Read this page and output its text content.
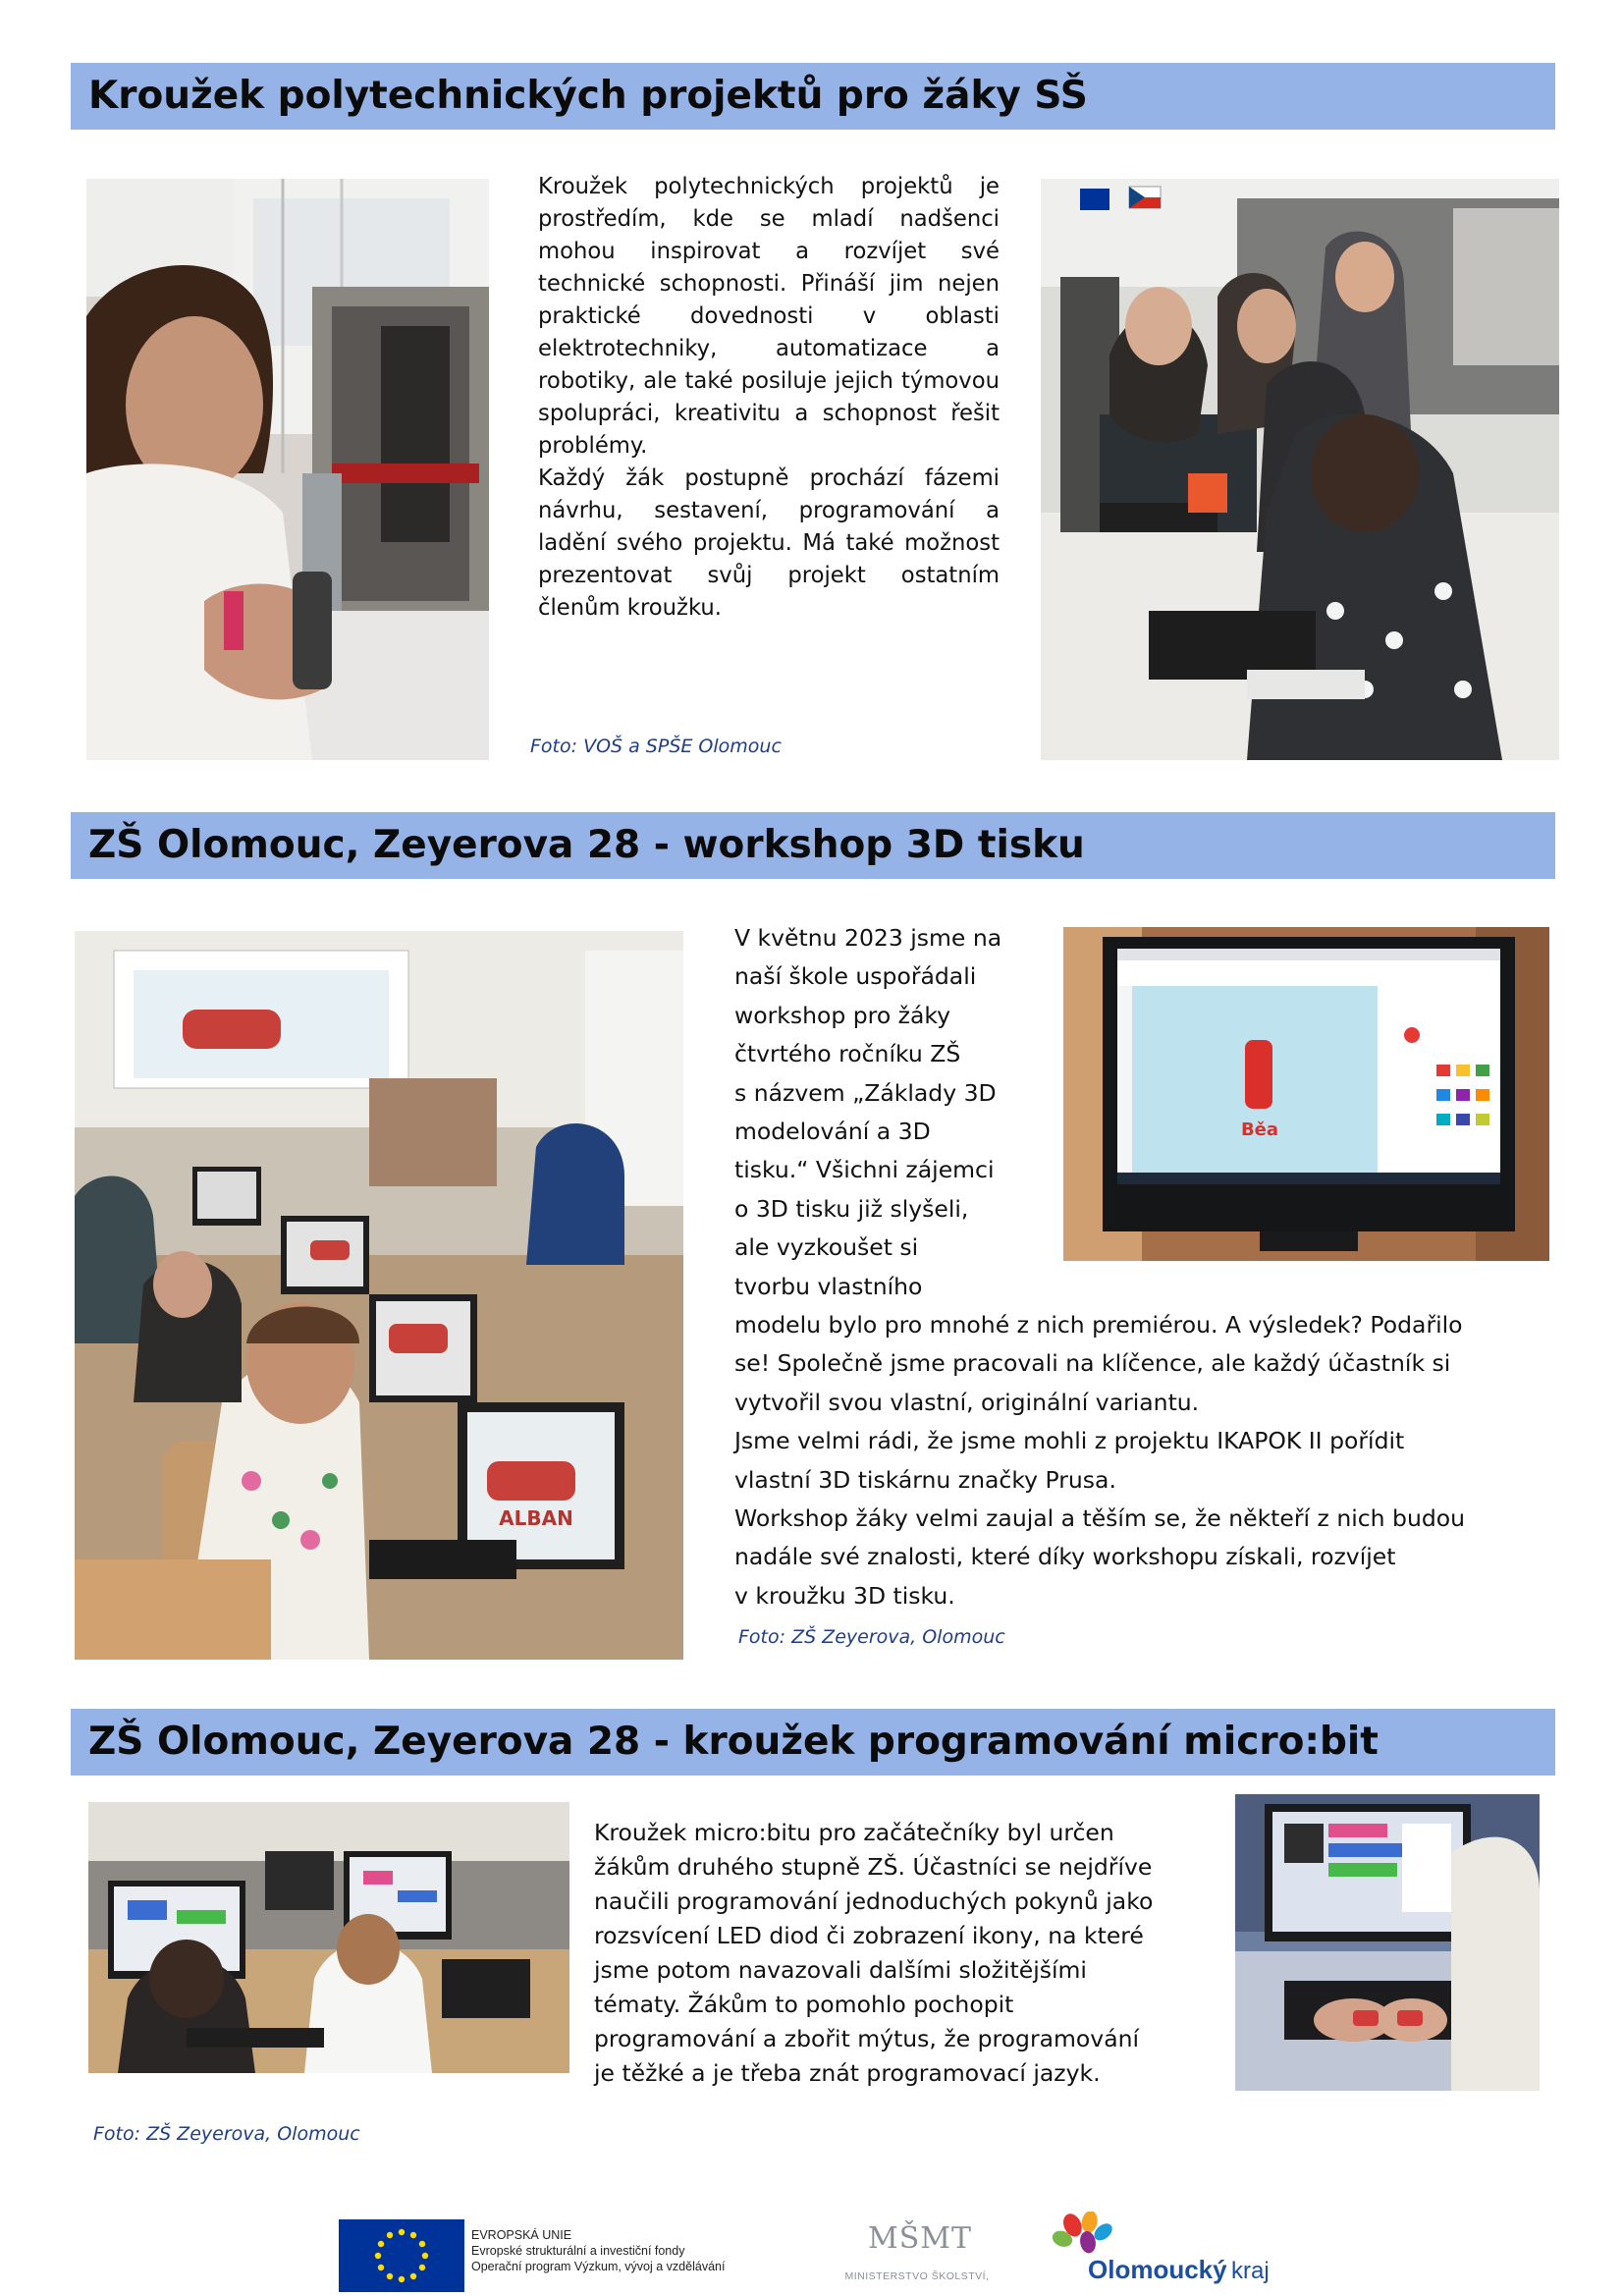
Kroužek polytechnických projektů pro žáky SŠ

Kroužek polytechnických projektů je prostředím, kde se mladí nadšenci mohou inspirovat a rozvíjet své technické schopnosti. Přináší jim nejen praktické dovednosti v oblasti elektrotechniky, automatizace a robotiky, ale také posiluje jejich týmovou spolupráci, kreativitu a schopnost řešit problémy.

Každý žák postupně prochází fázemi návrhu, sestavení, programování a ladění svého projektu. Má také možnost prezentovat svůj projekt ostatním členům kroužku.

Foto: VOŠ a SPŠE Olomouc
ZŠ Olomouc, Zeyerova 28 - workshop 3D tisku
ALBAN

V květnu 2023 jsme na

naší škole uspořádali

workshop pro žáky

čtvrtého ročníku ZŠ

s názvem „Základy 3D

modelování a 3D

tisku.“ Všichni zájemci

o 3D tisku již slyšeli,

ale vyzkoušet si

tvorbu vlastního

Běa

modelu bylo pro mnohé z nich premiérou. A výsledek? Podařilo

se! Společně jsme pracovali na klíčence, ale každý účastník si

vytvořil svou vlastní, originální variantu.

Jsme velmi rádi, že jsme mohli z projektu IKAPOK II pořídit

vlastní 3D tiskárnu značky Prusa.

Workshop žáky velmi zaujal a těším se, že někteří z nich budou

nadále své znalosti, které díky workshopu získali, rozvíjet

v kroužku 3D tisku.

Foto: ZŠ Zeyerova, Olomouc
ZŠ Olomouc, Zeyerova 28 - kroužek programování micro:bit
Foto: ZŠ Zeyerova, Olomouc
Kroužek micro:bitu pro začátečníky byl určen
žákům druhého stupně ZŠ. Účastníci se nejdříve
naučili programování jednoduchých pokynů jako
rozsvícení LED diod či zobrazení ikony, na které
jsme potom navazovali dalšími složitějšími
tématy. Žákům to pomohlo pochopit
programování a zbořit mýtus, že programování
je těžké a je třeba znát programovací jazyk.
EVROPSKÁ UNIE
Evropské strukturální a investiční fondy
Operační program Výzkum, vývoj a vzdělávání
MŠMT
MINISTERSTVO ŠKOLSTVÍ,	Olomoucký kraj
